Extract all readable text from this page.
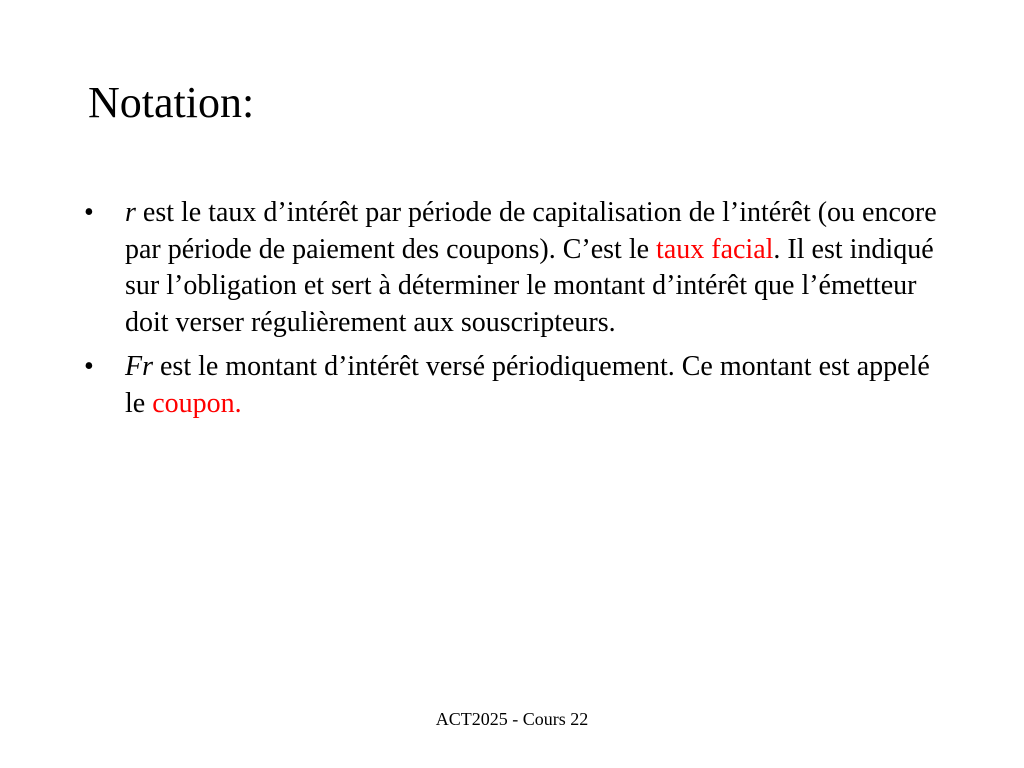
Notation:
• r est le taux d’intérêt par période de capitalisation de l’intérêt (ou encore par période de paiement des coupons). C’est le taux facial. Il est indiqué sur l’obligation et sert à déterminer le montant d’intérêt que l’émetteur doit verser régulièrement aux souscripteurs.
• Fr est le montant d’intérêt versé périodiquement. Ce montant est appelé le coupon.
ACT2025 - Cours 22
